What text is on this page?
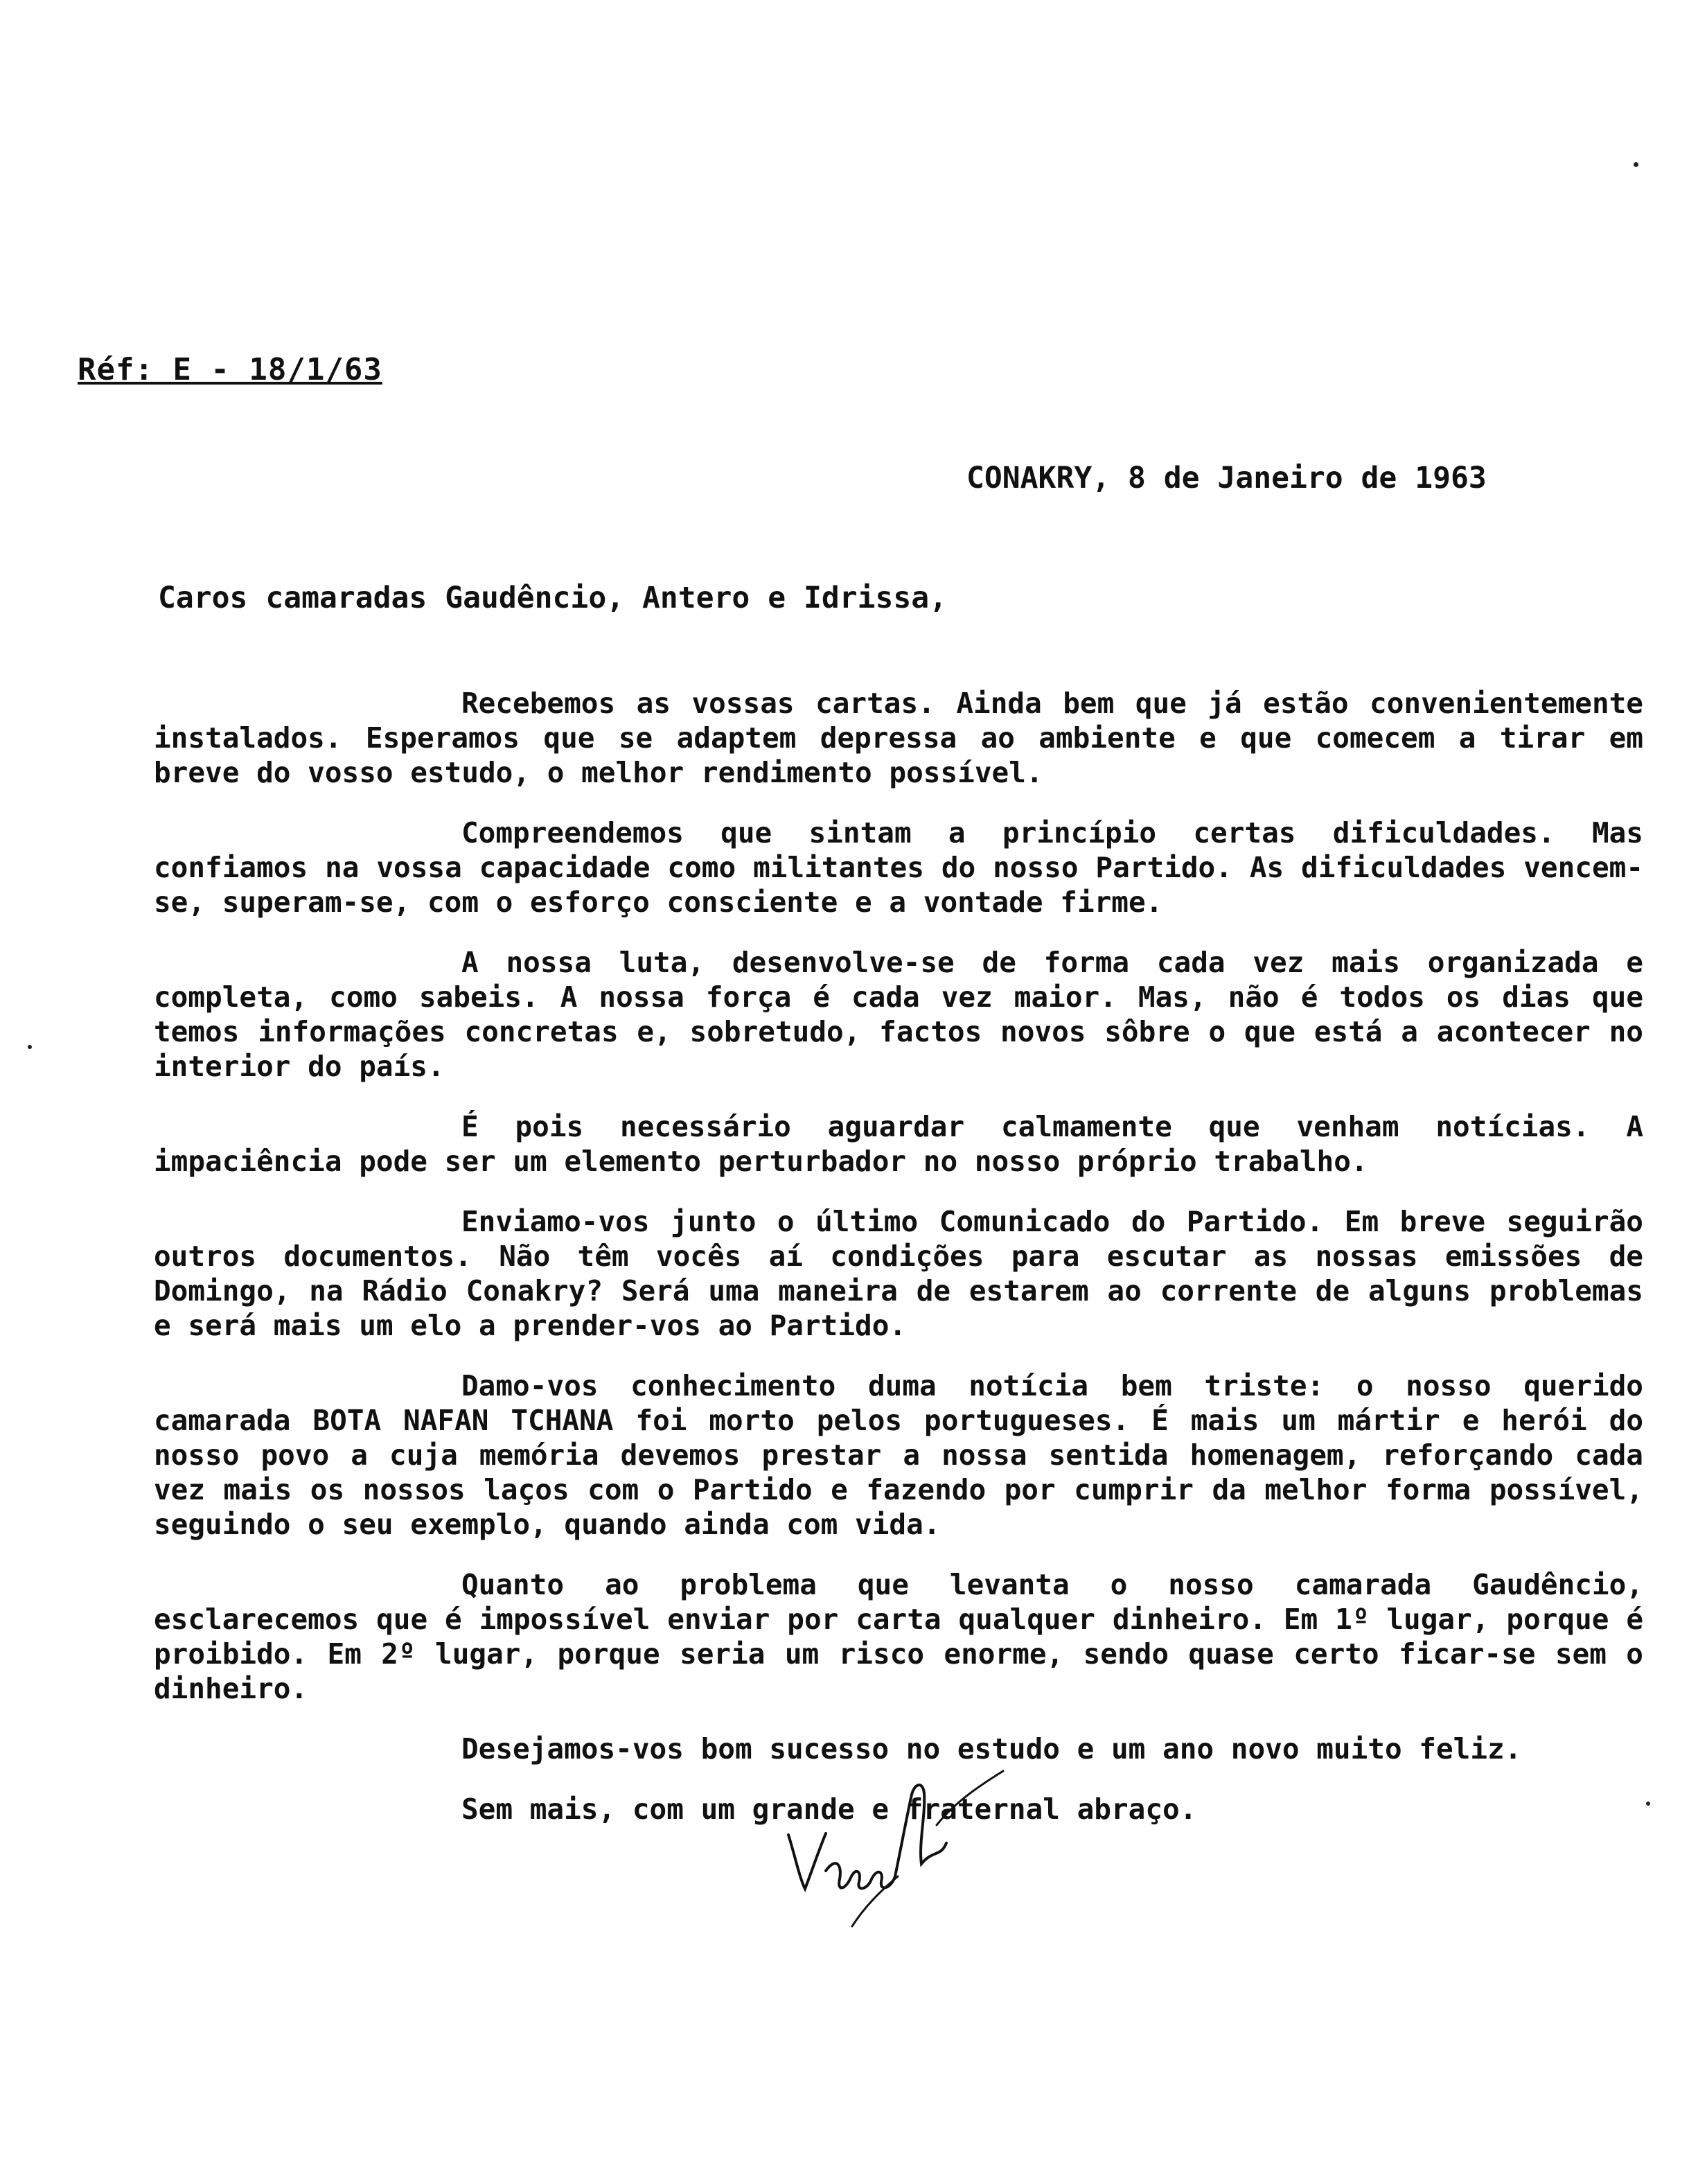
Réf: E - 18/1/63
CONAKRY, 8 de Janeiro de 1963
Caros camaradas Gaudêncio, Antero e Idrissa,

Recebemos as vossas cartas. Ainda bem que já estão convenientemente instalados. Esperamos que se adaptem depressa ao ambiente e que comecem a tirar em breve do vosso estudo, o melhor rendimento possível.

Compreendemos que sintam a princípio certas dificuldades. Mas confiamos na vossa capacidade como militantes do nosso Partido. As dificuldades vencem-se, superam-se, com o esforço consciente e a vontade firme.

A nossa luta, desenvolve-se de forma cada vez mais organizada e completa, como sabeis. A nossa força é cada vez maior. Mas, não é todos os dias que temos informações concretas e, sobretudo, factos novos sôbre o que está a acontecer no interior do país.

É pois necessário aguardar calmamente que venham notícias. A impaciência pode ser um elemento perturbador no nosso próprio trabalho.

Enviamo-vos junto o último Comunicado do Partido. Em breve seguirão outros documentos. Não têm vocês aí condições para escutar as nossas emissões de Domingo, na Rádio Conakry? Será uma maneira de estarem ao corrente de alguns problemas e será mais um elo a prender-vos ao Partido.

Damo-vos conhecimento duma notícia bem triste: o nosso querido camarada BOTA NAFAN TCHANA foi morto pelos portugueses. É mais um mártir e herói do nosso povo a cuja memória devemos prestar a nossa sentida homenagem, reforçando cada vez mais os nossos laços com o Partido e fazendo por cumprir da melhor forma possível, seguindo o seu exemplo, quando ainda com vida.

Quanto ao problema que levanta o nosso camarada Gaudêncio, esclarecemos que é impossível enviar por carta qualquer dinheiro. Em 1º lugar, porque é proibido. Em 2º lugar, porque seria um risco enorme, sendo quase certo ficar-se sem o dinheiro.

Desejamos-vos bom sucesso no estudo e um ano novo muito feliz.

Sem mais, com um grande e fraternal abraço.
